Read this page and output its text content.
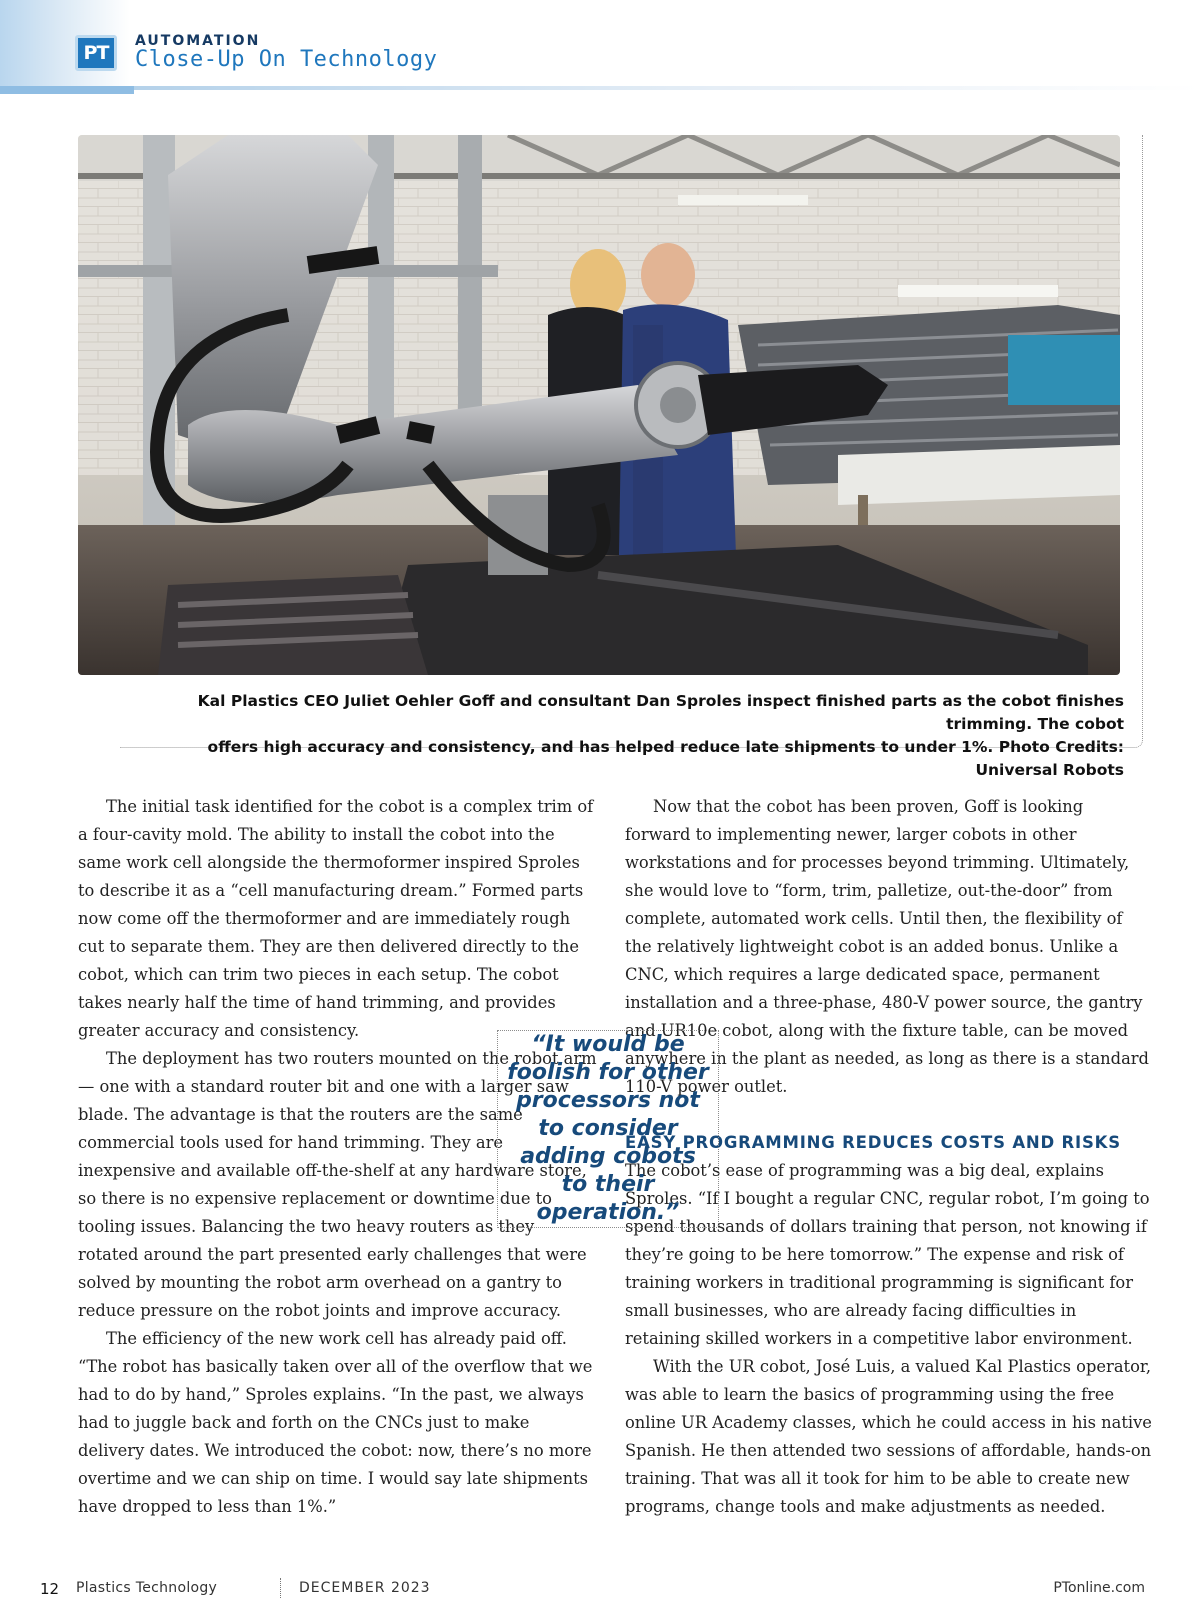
PT
AUTOMATION
Close-Up On Technology
Kal Plastics CEO Juliet Oehler Goff and consultant Dan Sproles inspect finished parts as the cobot finishes trimming. The cobot
offers high accuracy and consistency, and has helped reduce late shipments to under 1%. Photo Credits: Universal Robots

The initial task identified for the cobot is a complex trim of a four-cavity mold. The ability to install the cobot into the same work cell alongside the thermoformer inspired Sproles to describe it as a “cell manufacturing dream.” Formed parts now come off the thermoformer and are immediately rough cut to separate them. They are then delivered directly to the cobot, which can trim two pieces in each setup. The cobot takes nearly half the time of hand trimming, and provides greater accuracy and consistency.

The deployment has two routers mounted on the robot arm — one with a standard router bit and one with a larger saw blade. The advantage is that the routers are the same commercial tools used for hand trimming. They are inexpensive and available off-the-shelf at any hardware store, so there is no expensive replacement or downtime due to tooling issues. Balancing the two heavy routers as they rotated around the part presented early challenges that were solved by mounting the robot arm overhead on a gantry to reduce pressure on the robot joints and improve accuracy.

The efficiency of the new work cell has already paid off. “The robot has basically taken over all of the overflow that we had to do by hand,” Sproles explains. “In the past, we always had to juggle back and forth on the CNCs just to make delivery dates. We introduced the cobot: now, there’s no more overtime and we can ship on time. I would say late shipments have dropped to less than 1%.”

Now that the cobot has been proven, Goff is looking forward to implementing newer, larger cobots in other workstations and for processes beyond trimming. Ultimately, she would love to “form, trim, palletize, out-the-door” from complete, automated work cells. Until then, the flexibility of the relatively lightweight cobot is an added bonus. Unlike a CNC, which requires a large dedicated space, permanent installation and a three-phase, 480-V power source, the gantry and UR10e cobot, along with the fixture table, can be moved anywhere in the plant as needed, as long as there is a standard 110-V power outlet.

EASY PROGRAMMING REDUCES COSTS AND RISKS

The cobot’s ease of programming was a big deal, explains Sproles. “If I bought a regular CNC, regular robot, I’m going to spend thousands of dollars training that person, not knowing if they’re going to be here tomorrow.” The expense and risk of training workers in traditional programming is significant for small businesses, who are already facing difficulties in retaining skilled workers in a competitive labor environment.

With the UR cobot, José Luis, a valued Kal Plastics operator, was able to learn the basics of programming using the free online UR Academy classes, which he could access in his native Spanish. He then attended two sessions of affordable, hands-on training. That was all it took for him to be able to create new programs, change tools and make adjustments as needed.

“It would be foolish for other processors not to consider adding cobots to their operation.”
12 Plastics Technology	DECEMBER 2023	PTonline.com
